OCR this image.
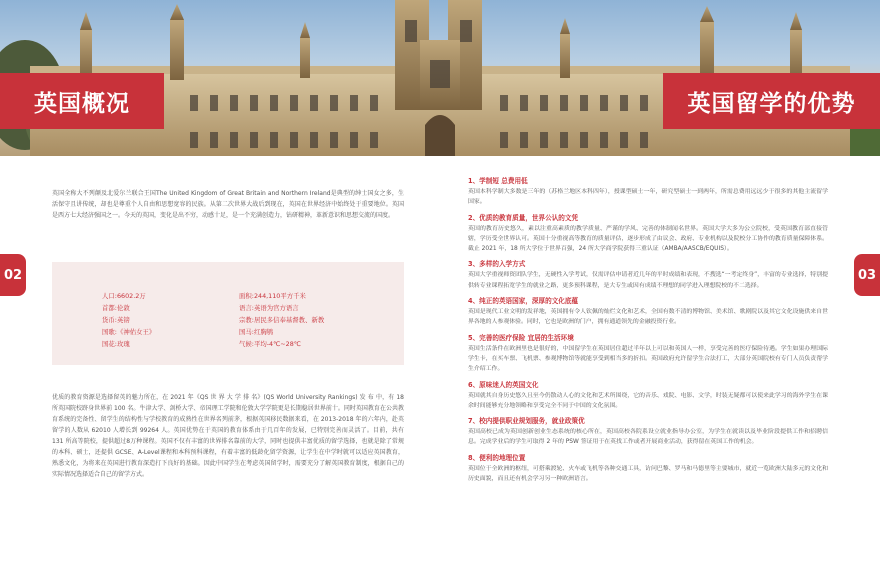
英国概况	英国留学的优势
02	03

英国全称大不列颠及北爱尔兰联合王国The United Kingdom of Great Britain and Northern Ireland是典型的绅士国女之多，生活保守且讲传统，却也是尊重个人自由和思想宽容的民族。从第二次世界大战后到现在，英国在世界经济中始终处于重要地位。英国是西方七大经济强国之一。今天的英国，变化是出不穷，动感十足，是一个充满创造力，钻研精神，革新意识和思想交流的国度。

人口:6602.2万	面积:244,110平方千米
首都:伦敦	语言:英语为官方语言
货币:英镑	宗教:居民多信奉基督教、新教
国歌:《神佑女王》	国马:红胸鸲
国花:玫瑰	气候:平均-4℃~28℃

优质的教育资源是选择留英的魅力所在，在 2021 年《QS 世 界 大 学 排 名》(QS World University Rankings) 发 布 中，有 18 所英国院校跻身世界前 100 名。牛津大学、剑桥大学、帝国理工学院和伦敦大学学院更是长期稳居世界前十。同时英国教育在公共教育系统的完备性、留学生的结构性与学校教育的成熟性在世界名列前茅，根据英国移民数据来看，在 2013-2018 年的六年内，赴英留学的人数从 62010 人增长到 99264 人。英国优势在于英国的教育体系由于几百年的发展，已特别完善而灵活了。目前，共有 131 所高等院校，提供超过8万种课程。英国不仅有丰富的世界排名靠前的大学，同时也提供丰富优质的留学选择，也就是除了常规的本科、硕士，还提供 GCSE、A-Level课程和本科预科课程，有着丰富的低龄化留学资源，让学生在中学时就可以适应英国教育，熟悉文化，为将来在英国进行教育深造打下良好的基础。因此中国学生在考虑英国留学时，需要充分了解英国教育制度，根据自己的实际情况选择适合自己的留学方式。

1、学制短 总费用低
英国本科学制大多数是三年的（苏格兰地区本科四年），授课型硕士一年，研究型硕士一到两年，所需总费用远远少于很多的其他主流留学国家。
2、优质的教育质量，世界公认的文凭
英国的教育历史悠久，素以注重高素质的教学质量、严谨的学风、完善的体制闻名世界。英国大学大多为公立院校，受英国教育部直接管辖，学历受全世界认可。英国十分重视高等教育的质量评估，逐步形成了由议会、政府、专业机构以及院校分工协作的教育质量保障体系。截止 2021 年，18 所大学位于世界百强，24 所大学商学院获得三重认证（AMBA/AASCB/EQUIS）。
3、多样的入学方式
英国大学重视师资团队学生，无硬性入学考试，仅需评估申请者近几年的平时成绩和表现，不搜选“一考定终身”，丰富的专业选择，特别提供转专业课程拓宽学生的就业之路，更多预科课程，是大专生或因有成绩不理想的同学进入理想院校的不二选择。
4、纯正的英语国家，深厚的文化底蕴
英国是现代工业文明的发祥地，英国拥有令人钦佩的灿烂文化和艺术，全国有数不清的博物馆、美术馆、歌剧院以及其它文化设施供来自世界各地的人参观体验。同时，它也是欧洲的门户，拥有通道领先的金融投资行业。
5、完善的医疗保险 宜居的生活环境
英国生活条件在欧洲里也是很好的，中国留学生在英国居住超过半年以上可以和英国人一样，享受完善的医疗保险待遇。学生如果办理国际学生卡，在买车票、飞机票、参观博物馆等就能享受到相当多的折扣。英国政府允许留学生合法打工，大部分英国院校有专门人员负责帮学生介绍工作。
6、原味迷人的英国文化
英国就其自身历史悠久且至今仍散动人心的文化和艺术所围绕，它的音乐、戏院、电影、文学，时装无疑都可以使来此学习的海外学生在课余时间能够充分地领略和享受完全不同于中国的文化氛围。
7、校内提供职业规划服务，就业政策优
英国高校已成为英国创新创业生态系统的核心所在，英国高校各院系设立就业指导办公室，为学生在就读以及毕业阶段提供工作和招聘信息。完成学业后的学生可取得 2 年的 PSW 签证用于在英找工作或者开展商业活动，获得留在英国工作的机会。
8、便利的地理位置
英国位于全欧洲的枢纽，可搭乘渡轮、火车或飞机等各种交通工具，访问巴黎、罗马和马德里等主要城市，就近一览欧洲大陆多元的文化和历史面貌，而且还有机会学习另一种欧洲语言。
